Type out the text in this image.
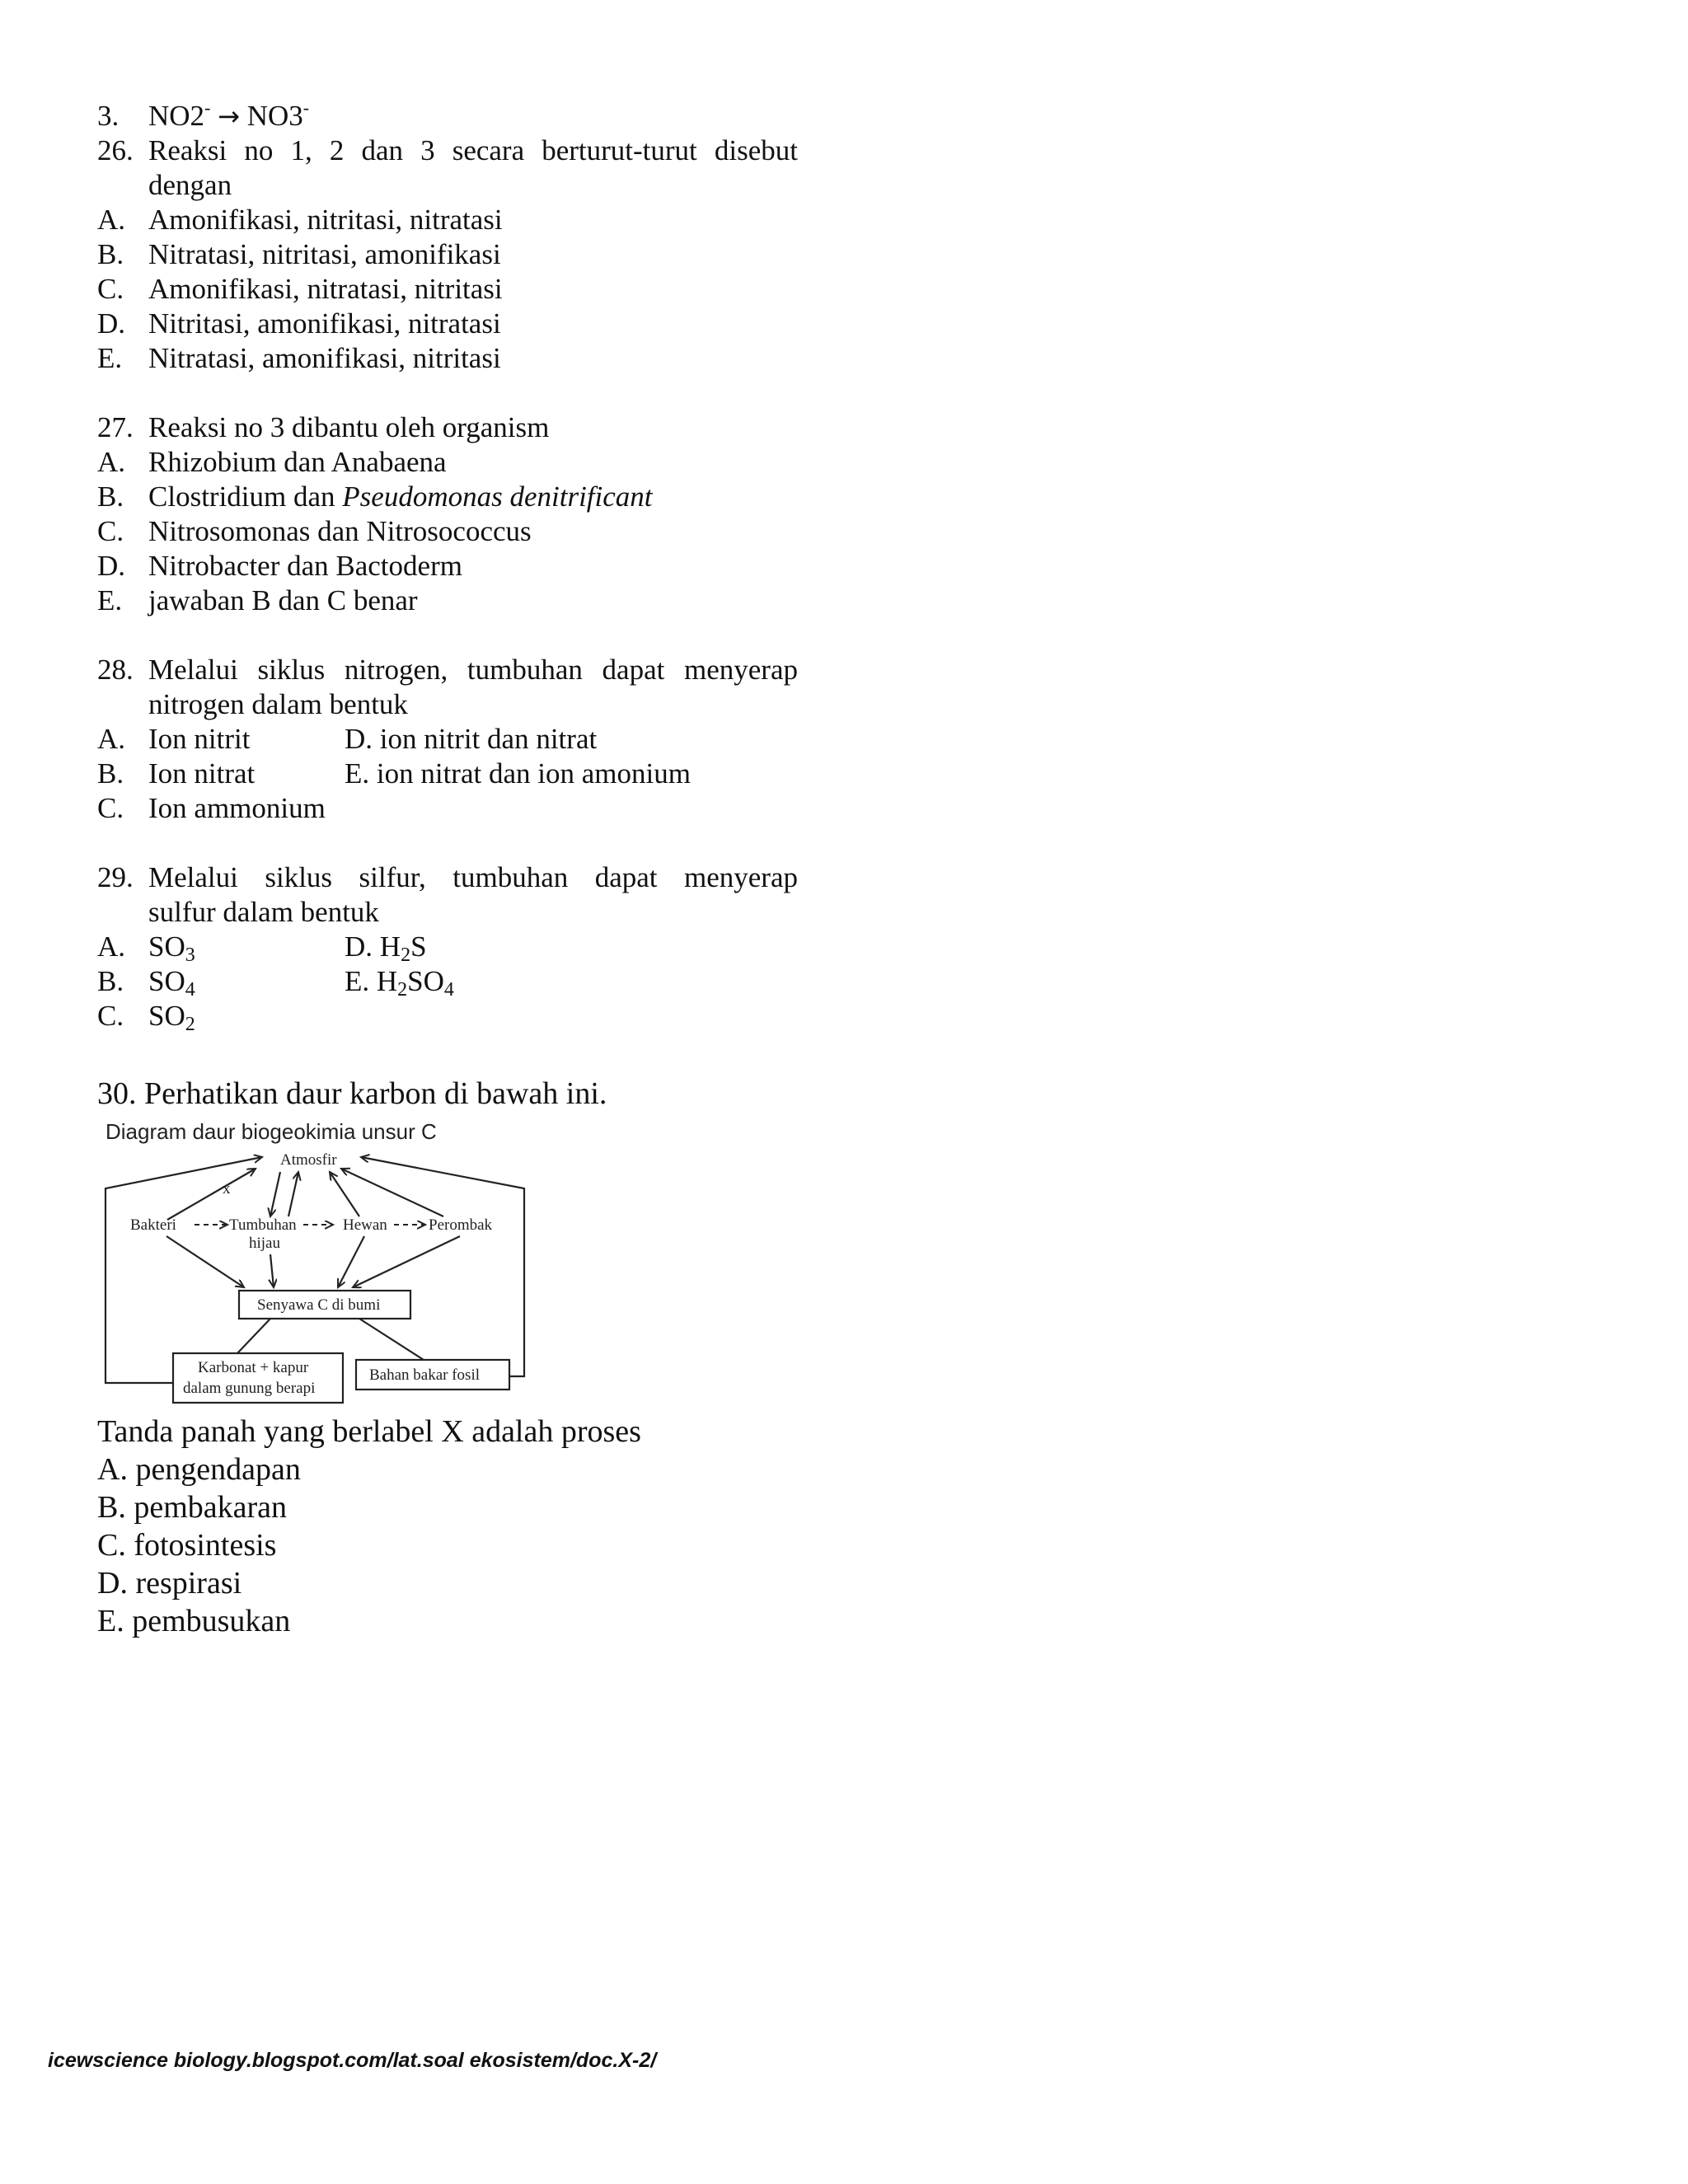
3.	NO2- → NO3-
26. Reaksi no 1, 2 dan 3 secara berturut-turut disebut
dengan
A. Amonifikasi, nitritasi, nitratasi
B. Nitratasi, nitritasi, amonifikasi
C. Amonifikasi, nitratasi, nitritasi
D. Nitritasi, amonifikasi, nitratasi
E. Nitratasi, amonifikasi, nitritasi
27. Reaksi no 3 dibantu oleh organism
A. Rhizobium dan Anabaena
B. Clostridium dan Pseudomonas denitrificant
C. Nitrosomonas dan Nitrosococcus
D. Nitrobacter dan Bactoderm
E. jawaban B dan C benar
28. Melalui siklus nitrogen, tumbuhan dapat menyerap
nitrogen dalam bentuk
A. Ion nitrit	D. ion nitrit dan nitrat
B. Ion nitrat	E. ion nitrat dan ion amonium
C. Ion ammonium
29. Melalui siklus silfur, tumbuhan dapat menyerap
sulfur dalam bentuk
A. $SO_3$	D. $H_2S$
B. $SO_4$	E. $H_2SO_4$
C. $SO_2$
30. Perhatikan daur karbon di bawah ini.
Diagram daur biogeokimia unsur C
Atmosfir
x
Bakteri	Tumbuhan
hijau
Hewan	Perombak
Senyawa C di bumi
Karbonat + kapur
dalam gunung berapi
Bahan bakar fosil
Tanda panah yang berlabel X adalah proses
A. pengendapan
B. pembakaran
C. fotosintesis
D. respirasi
E. pembusukan
icewscience biology.blogspot.com/lat.soal ekosistem/doc.X-2/
